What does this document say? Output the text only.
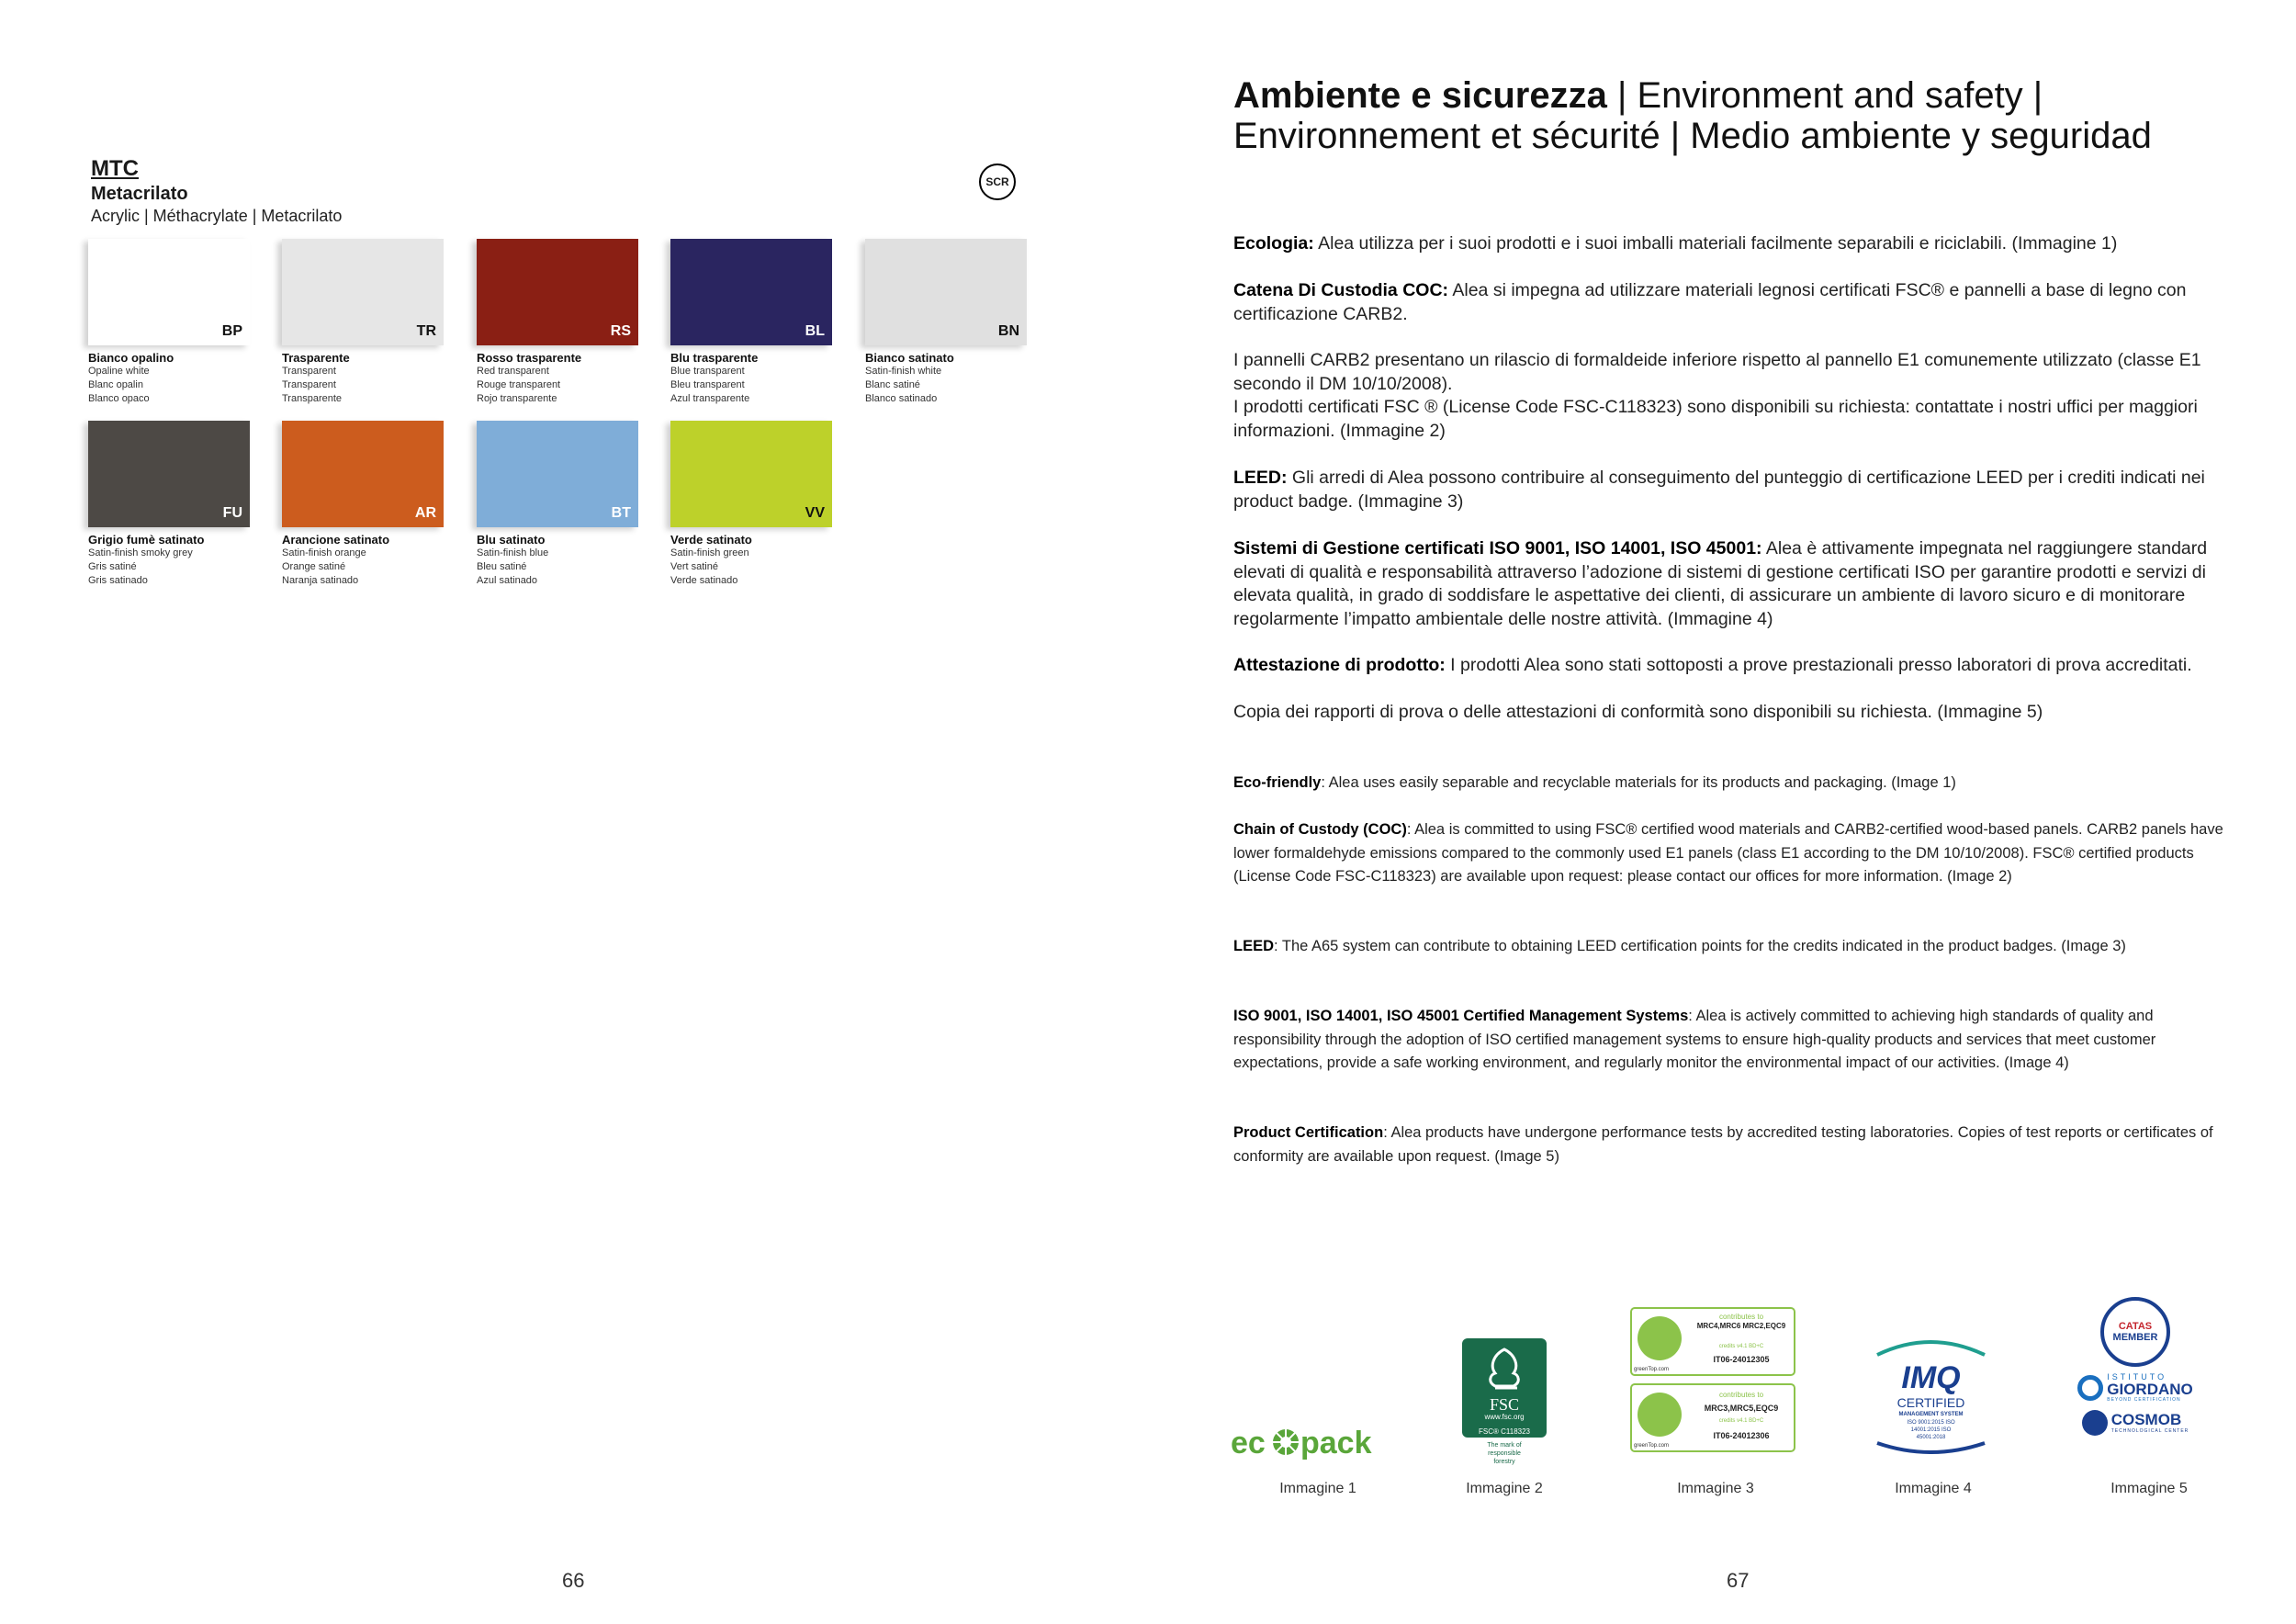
MTC
Metacrilato
Acrylic | Méthacrylate | Metacrilato
SCR
BP
Bianco opalino
Opaline white
Blanc opalin
Blanco opaco
TR
Trasparente
Transparent
Transparent
Transparente
RS
Rosso trasparente
Red transparent
Rouge transparent
Rojo transparente
BL
Blu trasparente
Blue transparent
Bleu transparent
Azul transparente
BN
Bianco satinato
Satin-finish white
Blanc satiné
Blanco satinado
FU
Grigio fumè satinato
Satin-finish smoky grey
Gris satiné
Gris satinado
AR
Arancione satinato
Satin-finish orange
Orange satiné
Naranja satinado
BT
Blu satinato
Satin-finish blue
Bleu satiné
Azul satinado
VV
Verde satinato
Satin-finish green
Vert satiné
Verde satinado
66
Ambiente e sicurezza | Environment and safety | Environnement et sécurité | Medio ambiente y seguridad
Ecologia: Alea utilizza per i suoi prodotti e i suoi imballi materiali facilmente separabili e riciclabili. (Immagine 1)
Catena Di Custodia COC: Alea si impegna ad utilizzare materiali legnosi certificati FSC® e pannelli a base di legno con certificazione CARB2.
I pannelli CARB2 presentano un rilascio di formaldeide inferiore rispetto al pannello E1 comunemente utilizzato (classe E1 secondo il DM 10/10/2008).
I prodotti certificati FSC ® (License Code FSC-C118323) sono disponibili su richiesta: contattate i nostri uffici per maggiori informazioni. (Immagine 2)
LEED: Gli arredi di Alea possono contribuire al conseguimento del punteggio di certificazione LEED per i crediti indicati nei product badge. (Immagine 3)
Sistemi di Gestione certificati ISO 9001, ISO 14001, ISO 45001: Alea è attivamente impegnata nel raggiungere standard elevati di qualità e responsabilità attraverso l’adozione di sistemi di gestione certificati ISO per garantire prodotti e servizi di elevata qualità, in grado di soddisfare le aspettative dei clienti, di assicurare un ambiente di lavoro sicuro e di monitorare regolarmente l’impatto ambientale delle nostre attività. (Immagine 4)
Attestazione di prodotto: I prodotti Alea sono stati sottoposti a prove prestazionali presso laboratori di prova accreditati.
Copia dei rapporti di prova o delle attestazioni di conformità sono disponibili su richiesta. (Immagine 5)
Eco-friendly: Alea uses easily separable and recyclable materials for its products and packaging. (Image 1)
Chain of Custody (COC): Alea is committed to using FSC® certified wood materials and CARB2-certified wood-based panels. CARB2 panels have lower formaldehyde emissions compared to the commonly used E1 panels (class E1 according to the DM 10/10/2008). FSC® certified products (License Code FSC-C118323) are available upon request: please contact our offices for more information. (Image 2)
LEED: The A65 system can contribute to obtaining LEED certification points for the credits indicated in the product badges. (Image 3)
ISO 9001, ISO 14001, ISO 45001 Certified Management Systems: Alea is actively committed to achieving high standards of quality and responsibility through the adoption of ISO certified management systems to ensure high-quality products and services that meet customer expectations, provide a safe working environment, and regularly monitor the environmental impact of our activities. (Image 4)
Product Certification: Alea products have undergone performance tests by accredited testing laboratories. Copies of test reports or certificates of conformity are available upon request. (Image 5)
ec pack
FSC
www.fsc.org
FSC® C118323
The mark of responsible forestry
greenTop.com
contributes to
MRC4,MRC6 MRC2,EQC9
credits v4.1 BD+C
IT06-24012305
greenTop.com
contributes to
MRC3,MRC5,EQC9
credits v4.1 BD+C
IT06-24012306
IMQ
CERTIFIED
MANAGEMENT SYSTEM
ISO 9001:2015 ISO 14001:2015 ISO 45001:2018
CATAS
MEMBER
ISTITUTO
GIORDANO
BEYOND CERTIFICATION
COSMOB
TECHNOLOGICAL CENTER
Immagine 1	Immagine 2	Immagine 3	Immagine 4	Immagine 5
67
